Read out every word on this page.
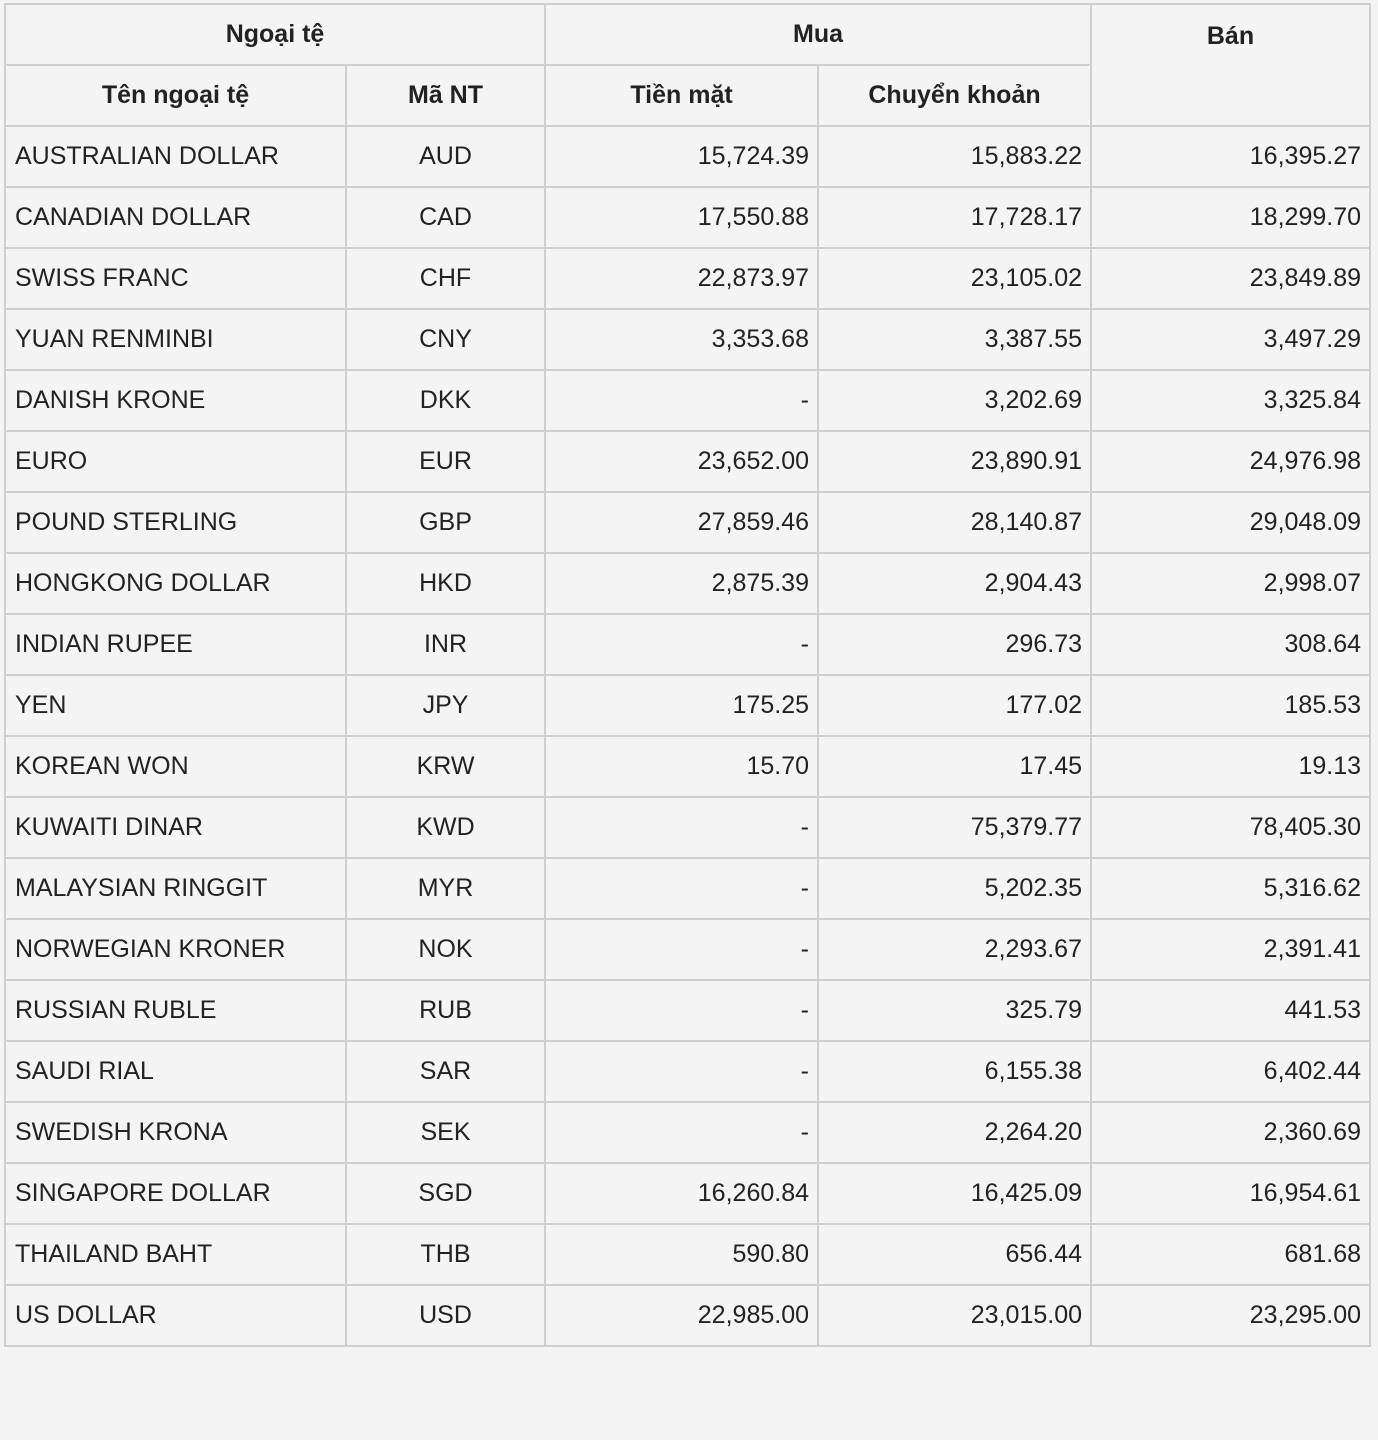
Ngoại tệ		Mua		Bán
Tên ngoại tệ	Mã NT	Tiền mặt	Chuyển khoản	
AUSTRALIAN DOLLAR	AUD	15,724.39	15,883.22	16,395.27
CANADIAN DOLLAR	CAD	17,550.88	17,728.17	18,299.70
SWISS FRANC	CHF	22,873.97	23,105.02	23,849.89
YUAN RENMINBI	CNY	3,353.68	3,387.55	3,497.29
DANISH KRONE	DKK	-	3,202.69	3,325.84
EURO	EUR	23,652.00	23,890.91	24,976.98
POUND STERLING	GBP	27,859.46	28,140.87	29,048.09
HONGKONG DOLLAR	HKD	2,875.39	2,904.43	2,998.07
INDIAN RUPEE	INR	-	296.73	308.64
YEN	JPY	175.25	177.02	185.53
KOREAN WON	KRW	15.70	17.45	19.13
KUWAITI DINAR	KWD	-	75,379.77	78,405.30
MALAYSIAN RINGGIT	MYR	-	5,202.35	5,316.62
NORWEGIAN KRONER	NOK	-	2,293.67	2,391.41
RUSSIAN RUBLE	RUB	-	325.79	441.53
SAUDI RIAL	SAR	-	6,155.38	6,402.44
SWEDISH KRONA	SEK	-	2,264.20	2,360.69
SINGAPORE DOLLAR	SGD	16,260.84	16,425.09	16,954.61
THAILAND BAHT	THB	590.80	656.44	681.68
US DOLLAR	USD	22,985.00	23,015.00	23,295.00
